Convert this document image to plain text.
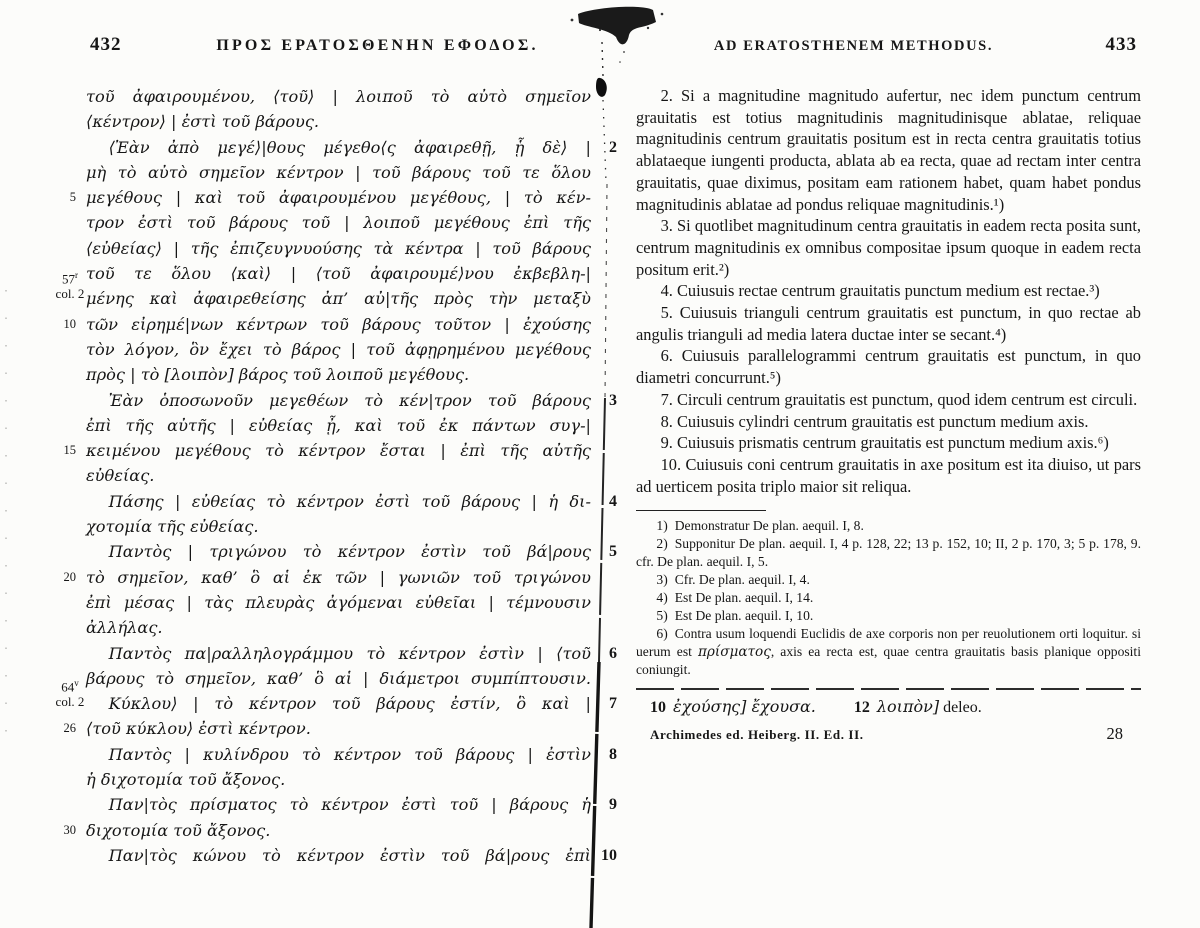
432	ΠΡΟΣ ΕΡΑΤΟΣΘΕΝΗΝ ΕΦΟΔΟΣ.
τοῦ ἀφαιρουμένου, ⟨τοῦ⟩ | λοιποῦ τὸ αὐτὸ σημεῖον
⟨κέντρον⟩ | ἐστὶ τοῦ βάρους.
⟨Ἐὰν ἀπὸ μεγέ⟩|θους μέγεθο⟨ς ἀφαιρεθῇ, ᾗ δὲ⟩ |	2
μὴ τὸ αὐτὸ σημεῖον κέντρον | τοῦ βάρους τοῦ τε ὅλου
5 μεγέθους | καὶ τοῦ ἀφαιρουμένου μεγέθους, | τὸ κέν-
τρον ἐστὶ τοῦ βάρους τοῦ | λοιποῦ μεγέθους ἐπὶ τῆς
⟨εὐθείας⟩ | τῆς ἐπιζευγνυούσης τὰ κέντρα | τοῦ βάρους
τοῦ τε ὅλου ⟨καὶ⟩ | ⟨τοῦ ἀφαιρουμέ⟩νου ἐκβεβλη-|
μένης καὶ ἀφαιρεθείσης ἀπ’ αὐ|τῆς πρὸς τὴν μεταξὺ
10 τῶν εἰρημέ|νων κέντρων τοῦ βάρους τοῦτον | ἐχούσης
τὸν λόγον, ὃν ἔχει τὸ βάρος | τοῦ ἀφῃρημένου μεγέθους
πρὸς | τὸ [λοιπὸν] βάρος τοῦ λοιποῦ μεγέθους.
Ἐὰν ὁποσωνοῦν μεγεθέων τὸ κέν|τρον τοῦ βάρους	3
ἐπὶ τῆς αὐτῆς | εὐθείας ᾖ, καὶ τοῦ ἐκ πάντων συγ-|
15 κειμένου μεγέθους τὸ κέντρον ἔσται | ἐπὶ τῆς αὐτῆς
εὐθείας.
Πάσης | εὐθείας τὸ κέντρον ἐστὶ τοῦ βάρους | ἡ δι-	4
χοτομία τῆς εὐθείας.
Παντὸς | τριγώνου τὸ κέντρον ἐστὶν τοῦ βά|ρους	5
20 τὸ σημεῖον, καθ’ ὃ αἱ ἐκ τῶν | γωνιῶν τοῦ τριγώνου
ἐπὶ μέσας | τὰς πλευρὰς ἀγόμεναι εὐθεῖαι | τέμνουσιν
ἀλλήλας.
Παντὸς πα|ραλληλογράμμου τὸ κέντρον ἐστὶν | ⟨τοῦ	6
βάρους τὸ σημεῖον, καθ’ ὃ αἱ | διάμετροι συμπίπτουσιν.
Κύκλου⟩ | τὸ κέντρον τοῦ βάρους ἐστίν, ὃ καὶ |	7
26 ⟨τοῦ κύκλου⟩ ἐστὶ κέντρον.
Παντὸς | κυλίνδρου τὸ κέντρον τοῦ βάρους | ἐστὶν	8
ἡ διχοτομία τοῦ ἄξονος.
Παν|τὸς πρίσματος τὸ κέντρον ἐστὶ τοῦ | βάρους ἡ	9
30 διχοτομία τοῦ ἄξονος.
Παν|τὸς κώνου τὸ κέντρον ἐστὶν τοῦ βά|ρους ἐπὶ 10
57$^r$
col. 2
64$^v$
col. 2
AD ERATOSTHENEM METHODUS.	433

2. Si a magnitudine magnitudo aufertur, nec idem punctum centrum grauitatis est totius magnitudinis magnitudinisque ablatae, reliquae magnitudinis centrum grauitatis positum est in recta centra grauitatis totius ablataeque iungenti producta, ablata ab ea recta, quae ad rectam inter centra grauitatis, quae diximus, positam eam rationem habet, quam habet pondus magnitudinis ablatae ad pondus reliquae magnitudinis.¹)

3. Si quotlibet magnitudinum centra grauitatis in eadem recta posita sunt, centrum magnitudinis ex omnibus compositae ipsum quoque in eadem recta positum erit.²)

4. Cuiusuis rectae centrum grauitatis punctum medium est rectae.³)

5. Cuiusuis trianguli centrum grauitatis est punctum, in quo rectae ab angulis trianguli ad media latera ductae inter se secant.⁴)

6. Cuiusuis parallelogrammi centrum grauitatis est punctum, in quo diametri concurrunt.⁵)

7. Circuli centrum grauitatis est punctum, quod idem centrum est circuli.

8. Cuiusuis cylindri centrum grauitatis est punctum medium axis.

9. Cuiusuis prismatis centrum grauitatis est punctum medium axis.⁶)

10. Cuiusuis coni centrum grauitatis in axe positum est ita diuiso, ut pars ad uerticem posita triplo maior sit reliqua.

1) Demonstratur De plan. aequil. I, 8.

2) Supponitur De plan. aequil. I, 4 p. 128, 22; 13 p. 152, 10; II, 2 p. 170, 3; 5 p. 178, 9. cfr. De plan. aequil. I, 5.

3) Cfr. De plan. aequil. I, 4.

4) Est De plan. aequil. I, 14.

5) Est De plan. aequil. I, 10.

6) Contra usum loquendi Euclidis de axe corporis non per reuolutionem orti loquitur. si uerum est πρίσματος, axis ea recta est, quae centra grauitatis basis planique oppositi coniungit.

10 ἐχούσης] ἔχουσα. 12 λοιπὸν] deleo.
Archimedes ed. Heiberg. II. Ed. II.	28
